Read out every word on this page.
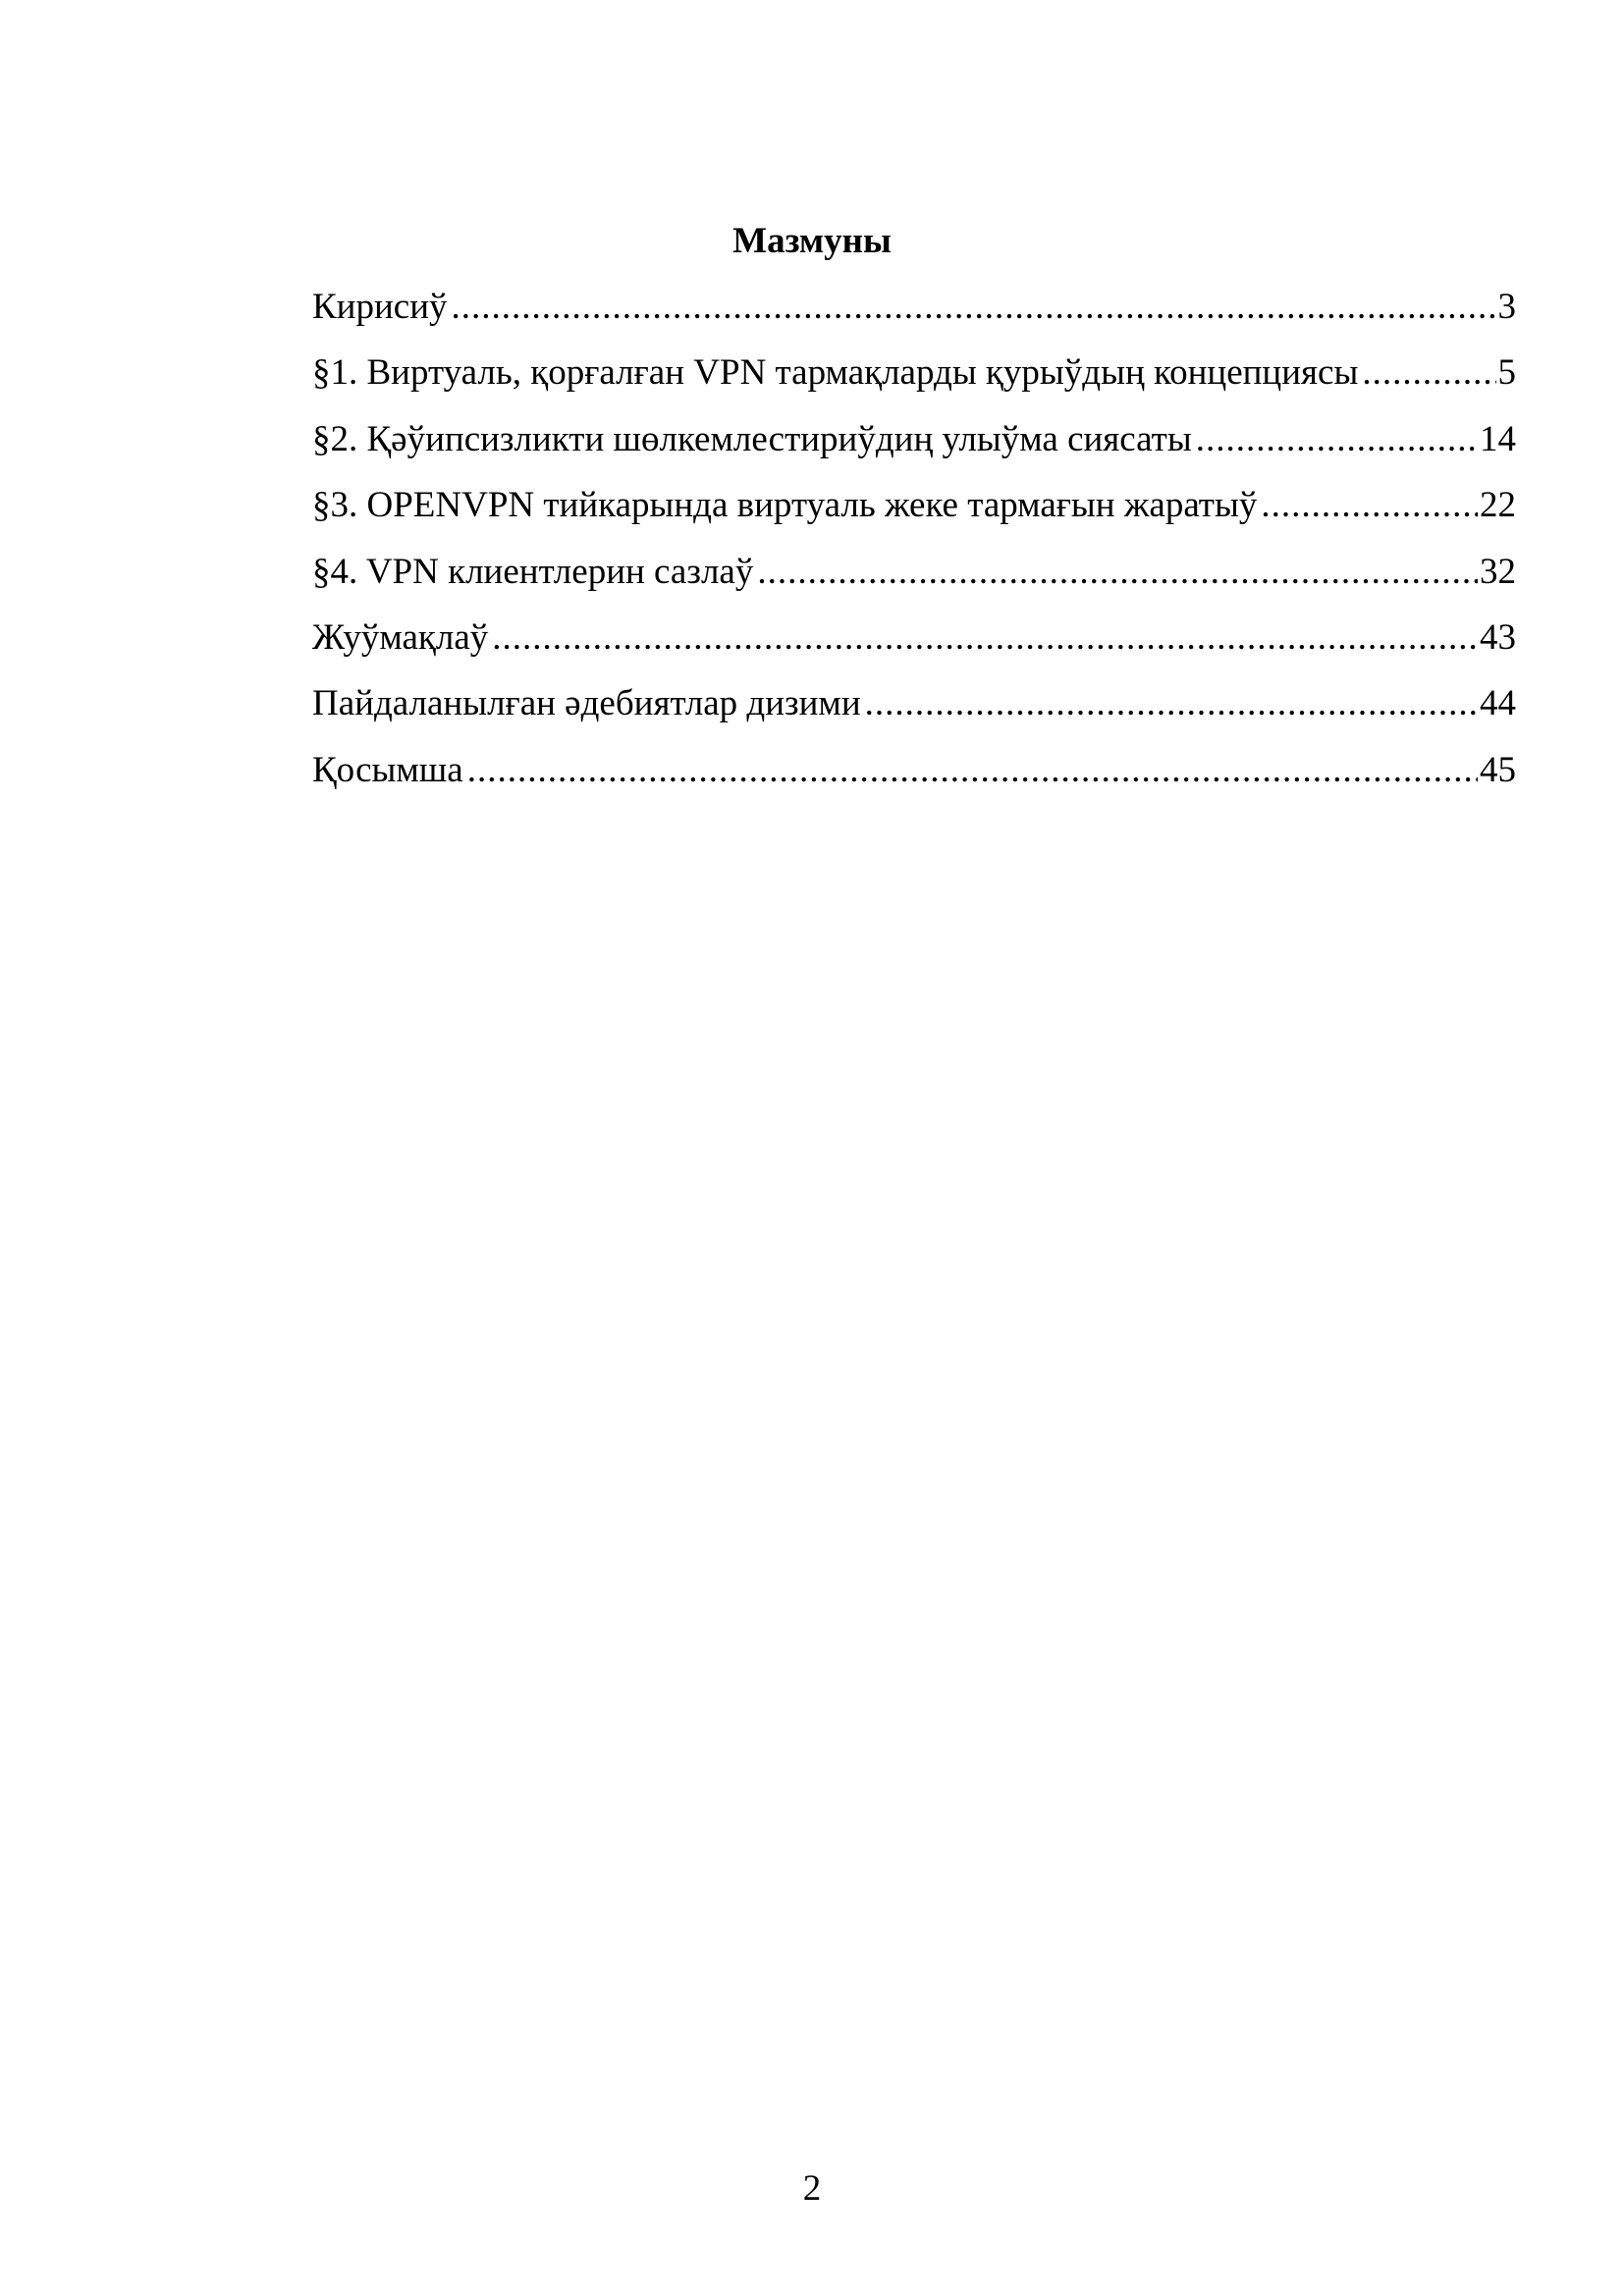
Мазмуны
Кирисиў .....	3
§1. Виртуаль, қорғалған VPN тармақларды қурыўдың концепциясы .....	5
§2. Қәўипсизликти шөлкемлестириўдиң улыўма сиясаты .....	14
§3. OPENVPN тийкарында виртуаль жеке тармағын жаратыў .....	22
§4. VPN клиентлерин сазлаў .....	32
Жуўмақлаў .....	43
Пайдаланылған әдебиятлар дизими .....	44
Қосымша .....	45
2
